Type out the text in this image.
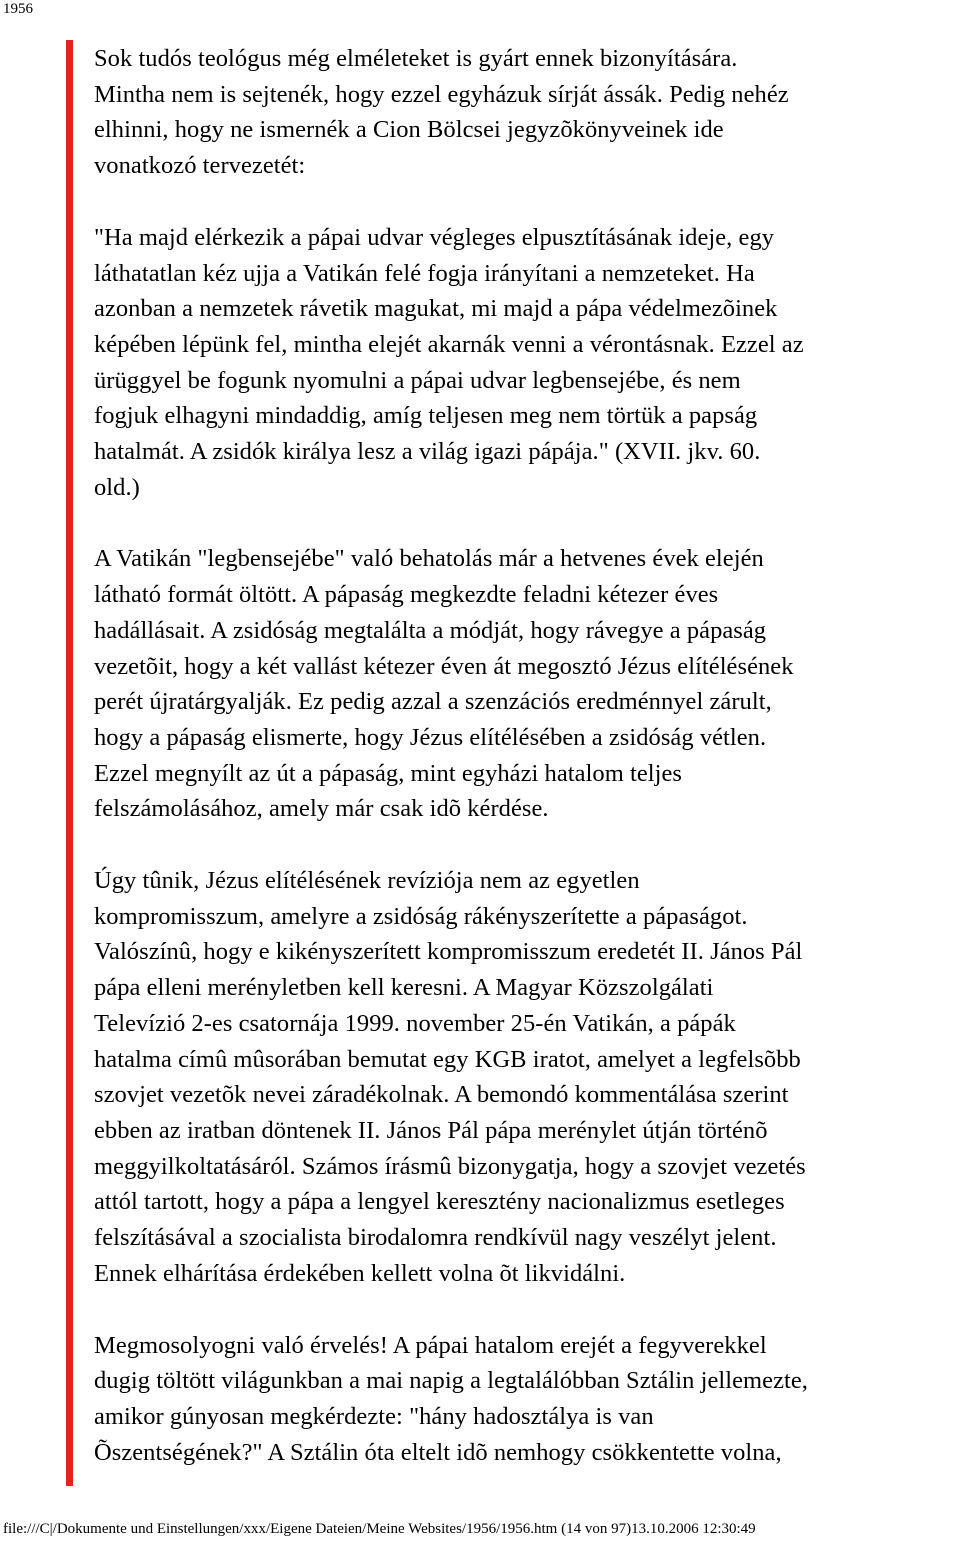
1956

Sok tudós teológus még elméleteket is gyárt ennek bizonyítására.
Mintha nem is sejtenék, hogy ezzel egyházuk sírját ássák. Pedig nehéz
elhinni, hogy ne ismernék a Cion Bölcsei jegyzõkönyveinek ide
vonatkozó tervezetét:

"Ha majd elérkezik a pápai udvar végleges elpusztításának ideje, egy
láthatatlan kéz ujja a Vatikán felé fogja irányítani a nemzeteket. Ha
azonban a nemzetek rávetik magukat, mi majd a pápa védelmezõinek
képében lépünk fel, mintha elejét akarnák venni a vérontásnak. Ezzel az
ürüggyel be fogunk nyomulni a pápai udvar legbensejébe, és nem
fogjuk elhagyni mindaddig, amíg teljesen meg nem törtük a papság
hatalmát. A zsidók királya lesz a világ igazi pápája." (XVII. jkv. 60.
old.)

A Vatikán "legbensejébe" való behatolás már a hetvenes évek elején
látható formát öltött. A pápaság megkezdte feladni kétezer éves
hadállásait. A zsidóság megtalálta a módját, hogy rávegye a pápaság
vezetõit, hogy a két vallást kétezer éven át megosztó Jézus elítélésének
perét újratárgyalják. Ez pedig azzal a szenzációs eredménnyel zárult,
hogy a pápaság elismerte, hogy Jézus elítélésében a zsidóság vétlen.
Ezzel megnyílt az út a pápaság, mint egyházi hatalom teljes
felszámolásához, amely már csak idõ kérdése.

Úgy tûnik, Jézus elítélésének revíziója nem az egyetlen
kompromisszum, amelyre a zsidóság rákényszerítette a pápaságot.
Valószínû, hogy e kikényszerített kompromisszum eredetét II. János Pál
pápa elleni merényletben kell keresni. A Magyar Közszolgálati
Televízió 2-es csatornája 1999. november 25-én Vatikán, a pápák
hatalma címû mûsorában bemutat egy KGB iratot, amelyet a legfelsõbb
szovjet vezetõk nevei záradékolnak. A bemondó kommentálása szerint
ebben az iratban döntenek II. János Pál pápa merénylet útján történõ
meggyilkoltatásáról. Számos írásmû bizonygatja, hogy a szovjet vezetés
attól tartott, hogy a pápa a lengyel keresztény nacionalizmus esetleges
felszításával a szocialista birodalomra rendkívül nagy veszélyt jelent.
Ennek elhárítása érdekében kellett volna õt likvidálni.

Megmosolyogni való érvelés! A pápai hatalom erejét a fegyverekkel
dugig töltött világunkban a mai napig a legtalálóbban Sztálin jellemezte,
amikor gúnyosan megkérdezte: "hány hadosztálya is van
Õszentségének?" A Sztálin óta eltelt idõ nemhogy csökkentette volna,

file:///C|/Dokumente und Einstellungen/xxx/Eigene Dateien/Meine Websites/1956/1956.htm (14 von 97)13.10.2006 12:30:49
